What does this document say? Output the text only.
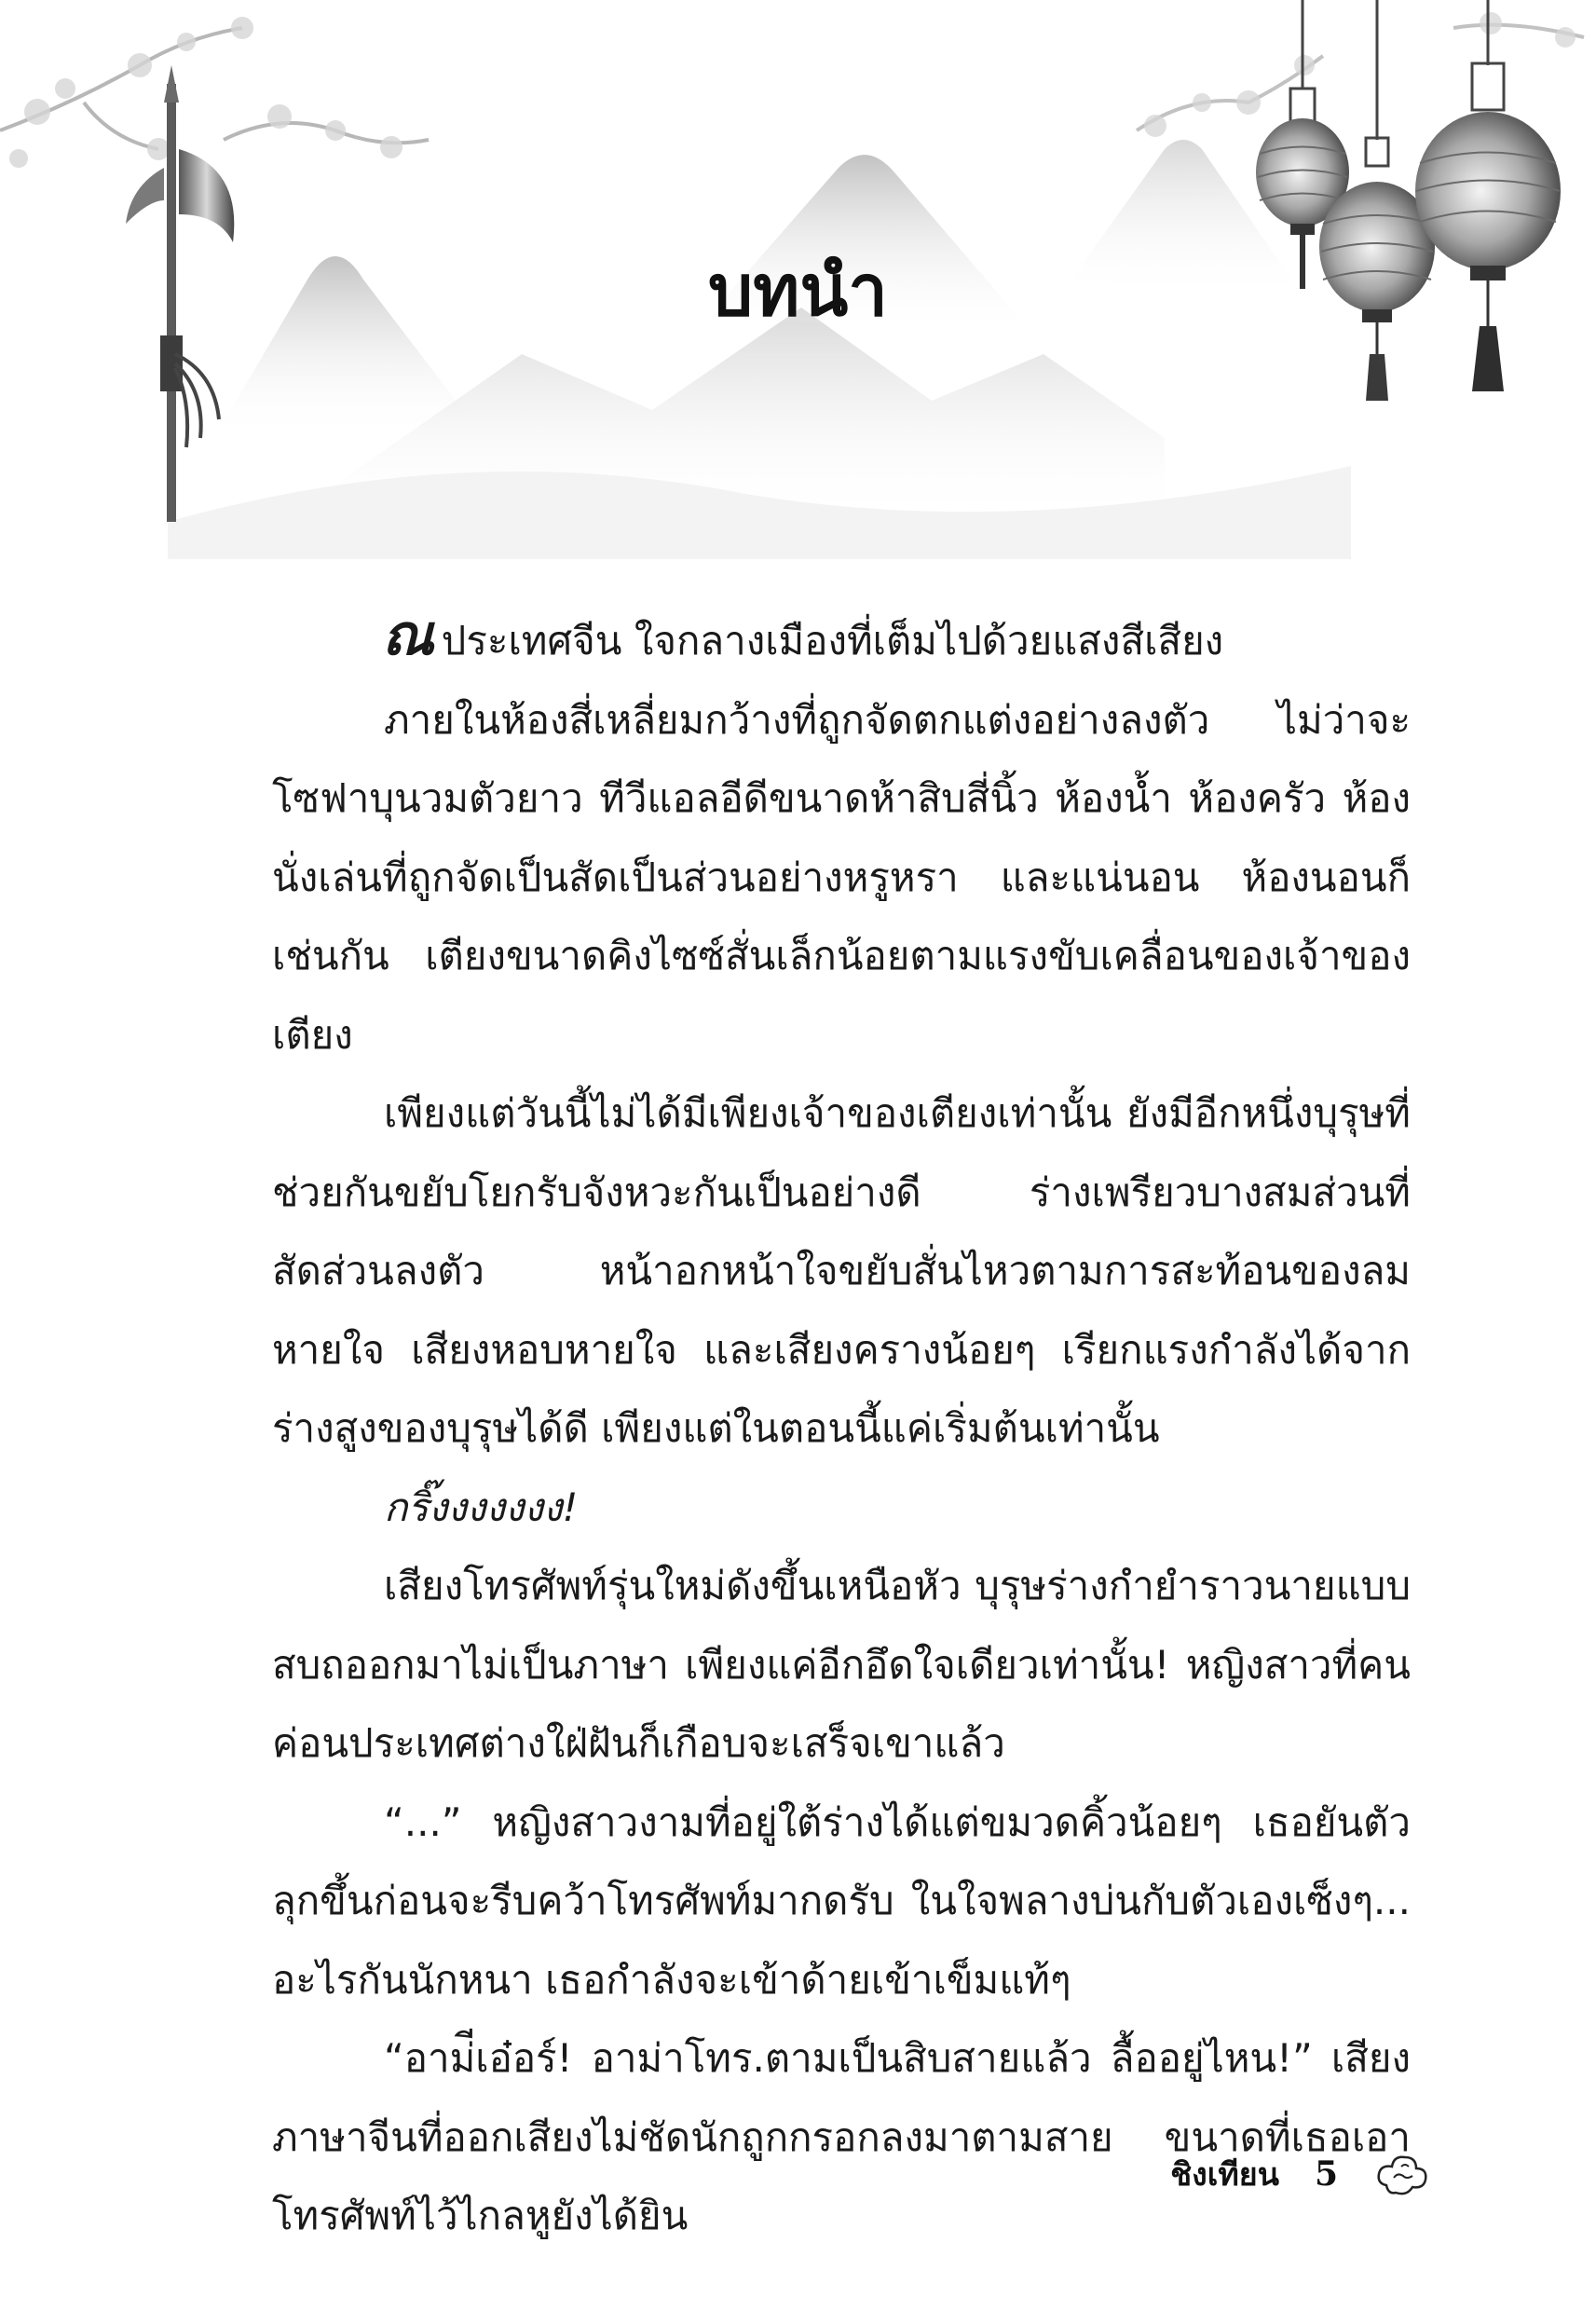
บทนำ

ณ ประเทศจีน ใจกลางเมืองที่เต็มไปด้วยแสงสีเสียง

ภายในห้องสี่เหลี่ยมกว้างที่ถูกจัดตกแต่งอย่างลงตัว ไม่ว่าจะโซฟาบุนวมตัวยาว ทีวีแอลอีดีขนาดห้าสิบสี่นิ้ว ห้องน้ำ ห้องครัว ห้องนั่งเล่นที่ถูกจัดเป็นสัดเป็นส่วนอย่างหรูหรา และแน่นอน ห้องนอนก็เช่นกัน เตียงขนาดคิงไซซ์สั่นเล็กน้อยตามแรงขับเคลื่อนของเจ้าของเตียง

เพียงแต่วันนี้ไม่ได้มีเพียงเจ้าของเตียงเท่านั้น ยังมีอีกหนึ่งบุรุษที่ช่วยกันขยับโยกรับจังหวะกันเป็นอย่างดี ร่างเพรียวบางสมส่วนที่สัดส่วนลงตัว หน้าอกหน้าใจขยับสั่นไหวตามการสะท้อนของลมหายใจ เสียงหอบหายใจ และเสียงครางน้อยๆ เรียกแรงกำลังได้จากร่างสูงของบุรุษได้ดี เพียงแต่ในตอนนี้แค่เริ่มต้นเท่านั้น

กริ๊งงงงงงง!

เสียงโทรศัพท์รุ่นใหม่ดังขึ้นเหนือหัว บุรุษร่างกำยำราวนายแบบสบถออกมาไม่เป็นภาษา เพียงแค่อีกอึดใจเดียวเท่านั้น! หญิงสาวที่คนค่อนประเทศต่างใฝ่ฝันก็เกือบจะเสร็จเขาแล้ว

“...” หญิงสาวงามที่อยู่ใต้ร่างได้แต่ขมวดคิ้วน้อยๆ เธอยันตัวลุกขึ้นก่อนจะรีบคว้าโทรศัพท์มากดรับ ในใจพลางบ่นกับตัวเองเซ็งๆ... อะไรกันนักหนา เธอกำลังจะเข้าด้ายเข้าเข็มแท้ๆ

“อาม่ีเอ๋อร์! อาม่าโทร.ตามเป็นสิบสายแล้ว ลื้ออยู่ไหน!” เสียงภาษาจีนที่ออกเสียงไม่ชัดนักถูกกรอกลงมาตามสาย ขนาดที่เธอเอาโทรศัพท์ไว้ไกลหูยังได้ยิน

ชิงเทียน 5
